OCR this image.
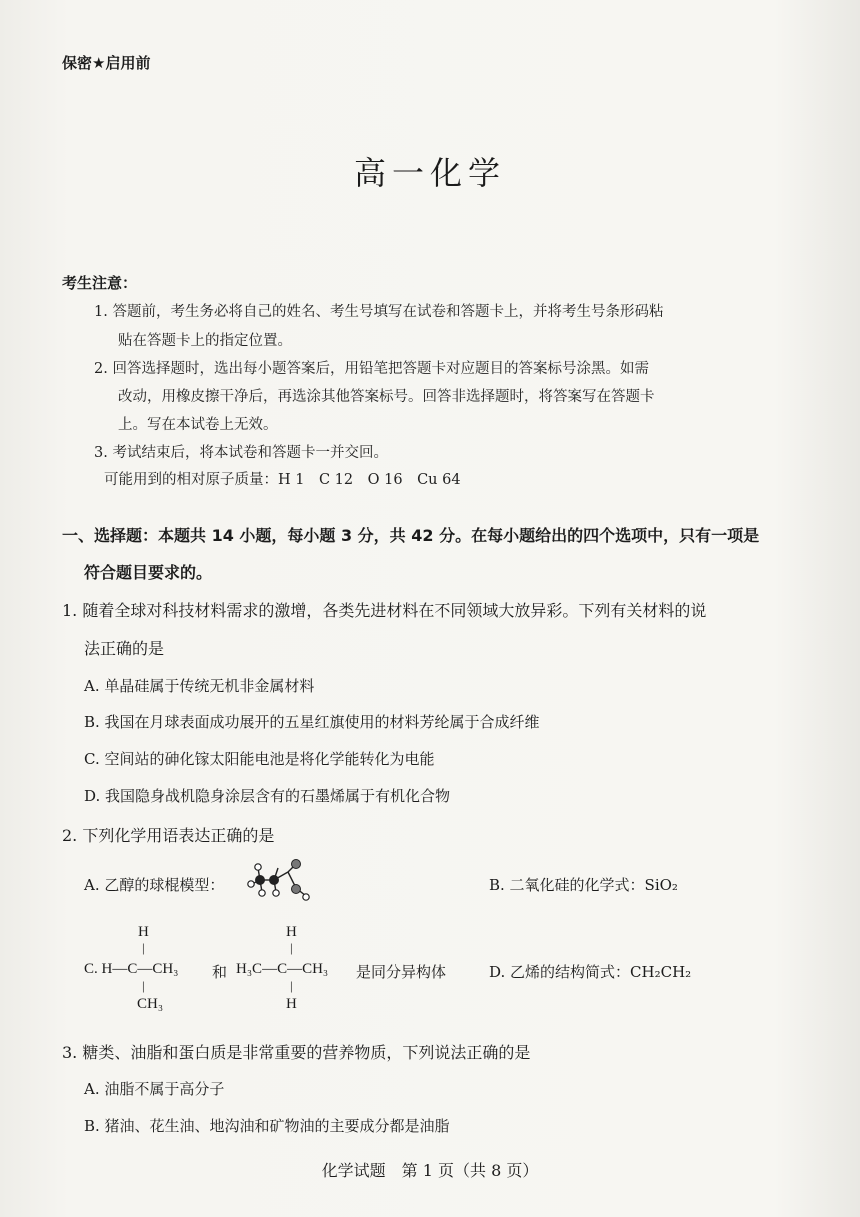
保密★启用前
高一化学
考生注意：
1. 答题前，考生务必将自己的姓名、考生号填写在试卷和答题卡上，并将考生号条形码粘
贴在答题卡上的指定位置。
2. 回答选择题时，选出每小题答案后，用铅笔把答题卡对应题目的答案标号涂黑。如需
改动，用橡皮擦干净后，再选涂其他答案标号。回答非选择题时，将答案写在答题卡
上。写在本试卷上无效。
3. 考试结束后，将本试卷和答题卡一并交回。
可能用到的相对原子质量：H 1　C 12　O 16　Cu 64
一、选择题：本题共 14 小题，每小题 3 分，共 42 分。在每小题给出的四个选项中，只有一项是
符合题目要求的。
1. 随着全球对科技材料需求的激增，各类先进材料在不同领域大放异彩。下列有关材料的说
法正确的是
A. 单晶硅属于传统无机非金属材料
B. 我国在月球表面成功展开的五星红旗使用的材料芳纶属于合成纤维
C. 空间站的砷化镓太阳能电池是将化学能转化为电能
D. 我国隐身战机隐身涂层含有的石墨烯属于有机化合物
2. 下列化学用语表达正确的是
A. 乙醇的球棍模型：	B. 二氧化硅的化学式：SiO₂
H
|
C. H—C—CH₃
|
CH₃
和
H
|
H₃C—C—CH₃
|
H
是同分异构体	D. 乙烯的结构简式：CH₂CH₂
3. 糖类、油脂和蛋白质是非常重要的营养物质，下列说法正确的是
A. 油脂不属于高分子
B. 猪油、花生油、地沟油和矿物油的主要成分都是油脂
化学试题　第 1 页（共 8 页）
